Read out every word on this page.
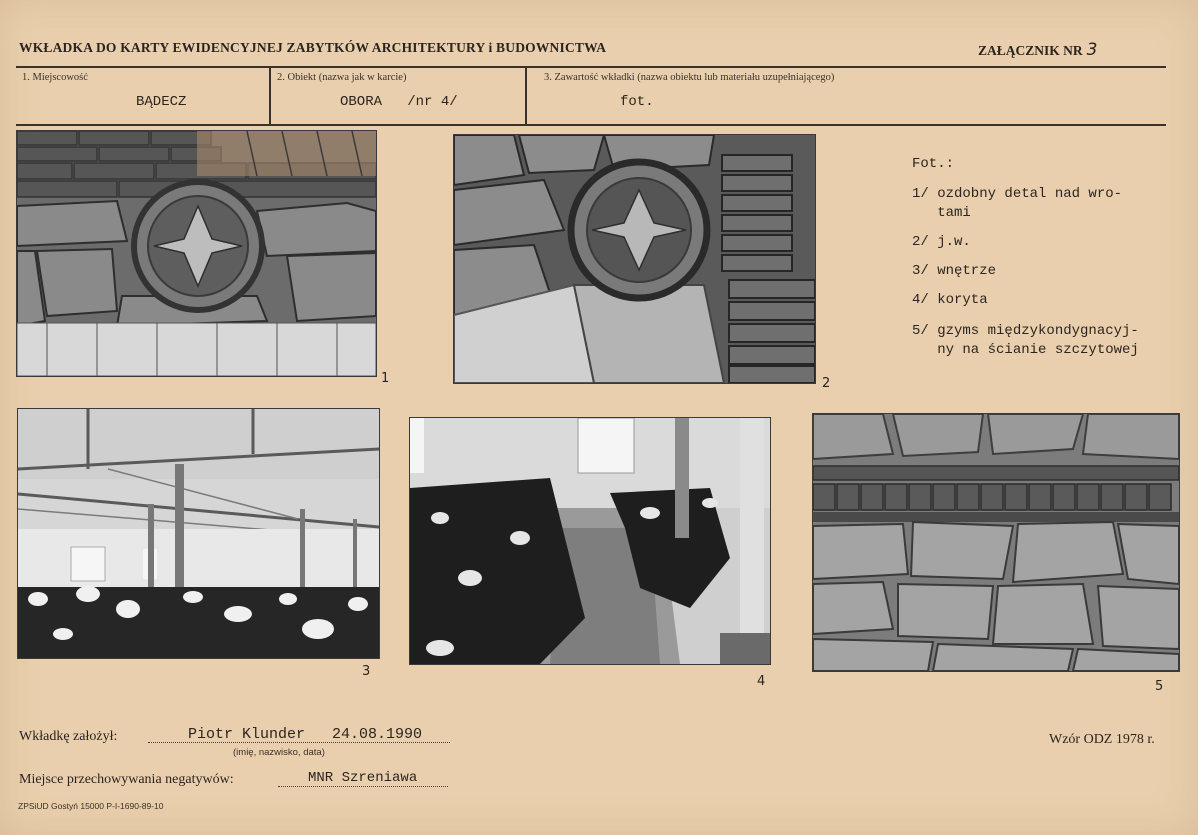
WKŁADKA DO KARTY EWIDENCYJNEJ ZABYTKÓW ARCHITEKTURY i BUDOWNICTWA	ZAŁĄCZNIK NR 3
1. Miejscowość
BĄDECZ
2. Obiekt (nazwa jak w karcie)
OBORA   /nr 4/
3. Zawartość wkładki (nazwa obiektu lub materiału uzupełniającego)
fot.
1	2
Fot.:
1/ ozdobny detal nad wro-
tami
2/ j.w.
3/ wnętrze
4/ koryta
5/ gzyms międzykondygnacyj-
ny na ścianie szczytowej
3
4	5
Wkładkę założył:	Piotr Klunder   24.08.1990
(imię, nazwisko, data)
Wzór ODZ 1978 r.
Miejsce przechowywania negatywów:	MNR Szreniawa
ZPSiUD Gostyń 15000 P-I-1690-89-10
